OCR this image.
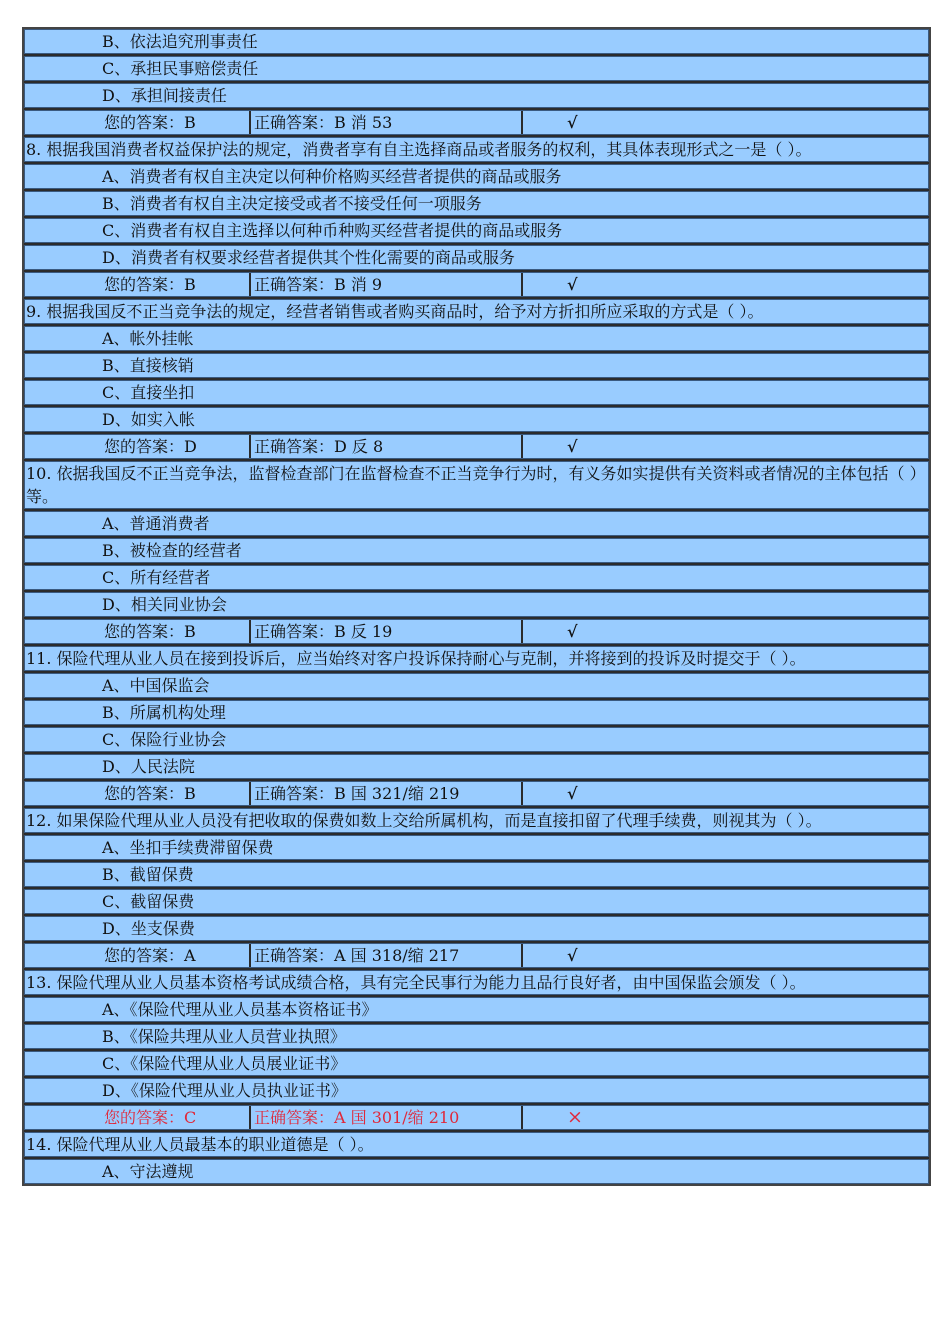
B、依法追究刑事责任
C、承担民事赔偿责任
D、承担间接责任
您的答案：B	正确答案：B 消 53	√
8. 根据我国消费者权益保护法的规定，消费者享有自主选择商品或者服务的权利，其具体表现形式之一是（ ）。
A、消费者有权自主决定以何种价格购买经营者提供的商品或服务
B、消费者有权自主决定接受或者不接受任何一项服务
C、消费者有权自主选择以何种币种购买经营者提供的商品或服务
D、消费者有权要求经营者提供其个性化需要的商品或服务
您的答案：B	正确答案：B 消 9	√
9. 根据我国反不正当竞争法的规定，经营者销售或者购买商品时，给予对方折扣所应采取的方式是（ ）。
A、帐外挂帐
B、直接核销
C、直接坐扣
D、如实入帐
您的答案：D	正确答案：D 反 8	√
10. 依据我国反不正当竞争法，监督检查部门在监督检查不正当竞争行为时，有义务如实提供有关资料或者情况的主体包括（ ）等。
A、普通消费者
B、被检查的经营者
C、所有经营者
D、相关同业协会
您的答案：B	正确答案：B 反 19	√
11. 保险代理从业人员在接到投诉后，应当始终对客户投诉保持耐心与克制，并将接到的投诉及时提交于（ ）。
A、中国保监会
B、所属机构处理
C、保险行业协会
D、人民法院
您的答案：B	正确答案：B 国 321/缩 219	√
12. 如果保险代理从业人员没有把收取的保费如数上交给所属机构，而是直接扣留了代理手续费，则视其为（ ）。
A、坐扣手续费滞留保费
B、截留保费
C、截留保费
D、坐支保费
您的答案：A	正确答案：A 国 318/缩 217	√
13. 保险代理从业人员基本资格考试成绩合格，具有完全民事行为能力且品行良好者，由中国保监会颁发（ ）。
A、《保险代理从业人员基本资格证书》
B、《保险共理从业人员营业执照》
C、《保险代理从业人员展业证书》
D、《保险代理从业人员执业证书》
您的答案：C	正确答案：A 国 301/缩 210	×
14. 保险代理从业人员最基本的职业道德是（ ）。
A、守法遵规
